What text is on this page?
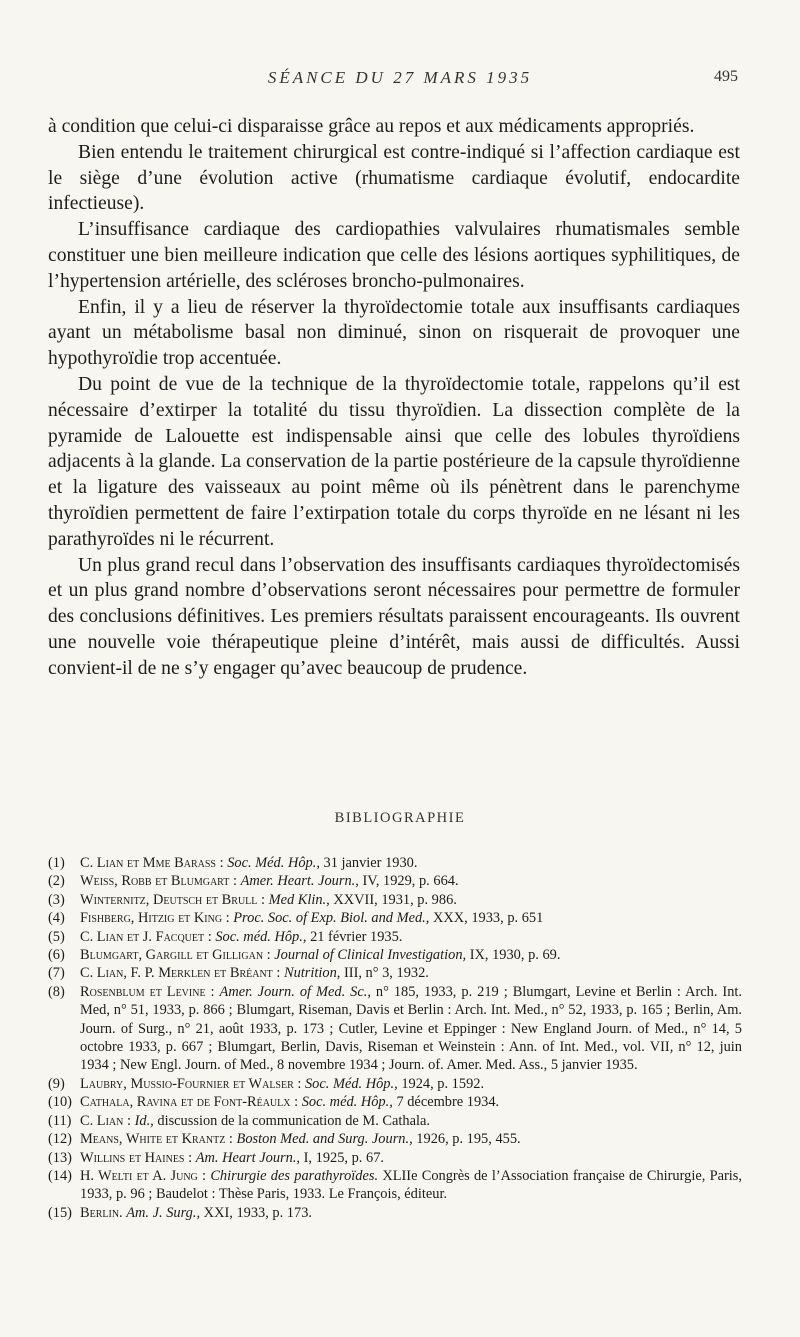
SÉANCE DU 27 MARS 1935	495

à condition que celui-ci disparaisse grâce au repos et aux médicaments appropriés.

Bien entendu le traitement chirurgical est contre-indiqué si l’affection cardiaque est le siège d’une évolution active (rhumatisme cardiaque évolutif, endocardite infectieuse).

L’insuffisance cardiaque des cardiopathies valvulaires rhumatismales semble constituer une bien meilleure indication que celle des lésions aortiques syphilitiques, de l’hypertension artérielle, des scléroses broncho-pulmonaires.

Enfin, il y a lieu de réserver la thyroïdectomie totale aux insuffisants cardiaques ayant un métabolisme basal non diminué, sinon on risquerait de provoquer une hypothyroïdie trop accentuée.

Du point de vue de la technique de la thyroïdectomie totale, rappelons qu’il est nécessaire d’extirper la totalité du tissu thyroïdien. La dissection complète de la pyramide de Lalouette est indispensable ainsi que celle des lobules thyroïdiens adjacents à la glande. La conservation de la partie postérieure de la capsule thyroïdienne et la ligature des vaisseaux au point même où ils pénètrent dans le parenchyme thyroïdien permettent de faire l’extirpation totale du corps thyroïde en ne lésant ni les parathyroïdes ni le récurrent.

Un plus grand recul dans l’observation des insuffisants cardiaques thyroïdectomisés et un plus grand nombre d’observations seront nécessaires pour permettre de formuler des conclusions définitives. Les premiers résultats paraissent encourageants. Ils ouvrent une nouvelle voie thérapeutique pleine d’intérêt, mais aussi de difficultés. Aussi convient-il de ne s’y engager qu’avec beaucoup de prudence.

BIBLIOGRAPHIE
(1) C. Lian et Mme Barass : Soc. Méd. Hôp., 31 janvier 1930.
(2) Weiss, Robb et Blumgart : Amer. Heart. Journ., IV, 1929, p. 664.
(3) Winternitz, Deutsch et Brull : Med Klin., XXVII, 1931, p. 986.
(4) Fishberg, Hitzig et King : Proc. Soc. of Exp. Biol. and Med., XXX, 1933, p. 651
(5) C. Lian et J. Facquet : Soc. méd. Hôp., 21 février 1935.
(6) Blumgart, Gargill et Gilligan : Journal of Clinical Investigation, IX, 1930, p. 69.
(7) C. Lian, F. P. Merklen et Bréant : Nutrition, III, n° 3, 1932.
(8) Rosenblum et Levine : Amer. Journ. of Med. Sc., n° 185, 1933, p. 219 ; Blumgart, Levine et Berlin : Arch. Int. Med, n° 51, 1933, p. 866 ; Blumgart, Riseman, Davis et Berlin : Arch. Int. Med., n° 52, 1933, p. 165 ; Berlin, Am. Journ. of Surg., n° 21, août 1933, p. 173 ; Cutler, Levine et Eppinger : New England Journ. of Med., n° 14, 5 octobre 1933, p. 667 ; Blumgart, Berlin, Davis, Riseman et Weinstein : Ann. of Int. Med., vol. VII, n° 12, juin 1934 ; New Engl. Journ. of Med., 8 novembre 1934 ; Journ. of. Amer. Med. Ass., 5 janvier 1935.
(9) Laubry, Mussio-Fournier et Walser : Soc. Méd. Hôp., 1924, p. 1592.
(10) Cathala, Ravina et de Font-Réaulx : Soc. méd. Hôp., 7 décembre 1934.
(11) C. Lian : Id., discussion de la communication de M. Cathala.
(12) Means, White et Krantz : Boston Med. and Surg. Journ., 1926, p. 195, 455.
(13) Willins et Haines : Am. Heart Journ., I, 1925, p. 67.
(14) H. Welti et A. Jung : Chirurgie des parathyroïdes. XLIIe Congrès de l’Association française de Chirurgie, Paris, 1933, p. 96 ; Baudelot : Thèse Paris, 1933. Le François, éditeur.
(15) Berlin. Am. J. Surg., XXI, 1933, p. 173.
